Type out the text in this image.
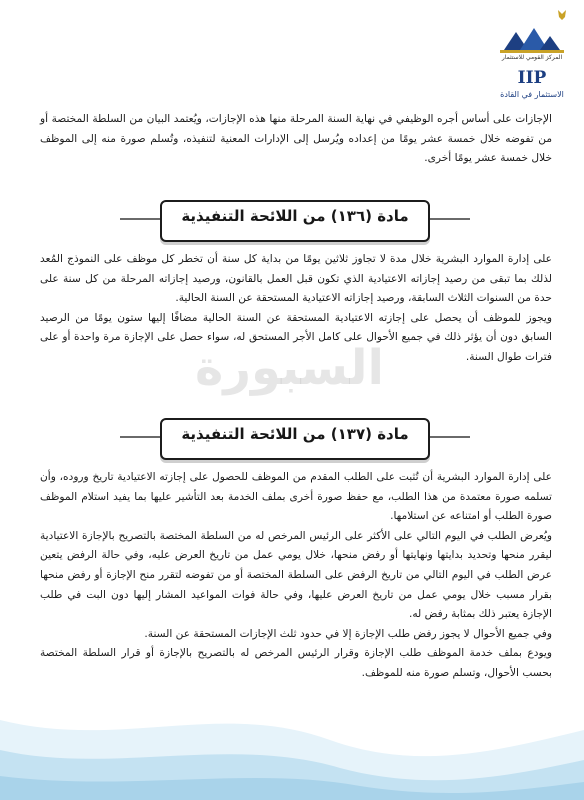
المركز القومي للاستثمار
IIP
الاستثمار في القادة

الإجازات على أساس أجره الوظيفي في نهاية السنة المرحلة منها هذه الإجازات، ويُعتمد البيان من السلطة المختصة أو من تفوضه خلال خمسة عشر يومًا من إعداده ويُرسل إلى الإدارات المعنية لتنفيذه، وتُسلم صورة منه إلى الموظف خلال خمسة عشر يومًا أخرى.

مادة (١٣٦) من اللائحة التنفيذية

على إدارة الموارد البشرية خلال مدة لا تجاوز ثلاثين يومًا من بداية كل سنة أن تخطر كل موظف على النموذج المُعد لذلك بما تبقى من رصيد إجازاته الاعتيادية الذي تكون قبل العمل بالقانون، ورصيد إجازاته المرحلة من كل سنة على حدة من السنوات الثلاث السابقة، ورصيد إجازاته الاعتيادية المستحقة عن السنة الحالية.

ويجوز للموظف أن يحصل على إجازته الاعتيادية المستحقة عن السنة الحالية مضافًا إليها ستون يومًا من الرصيد السابق دون أن يؤثر ذلك في جميع الأحوال على كامل الأجر المستحق له، سواء حصل على الإجازة مرة واحدة أو على فترات طوال السنة.

السبورة
مادة (١٣٧) من اللائحة التنفيذية

على إدارة الموارد البشرية أن تُثبت على الطلب المقدم من الموظف للحصول على إجازته الاعتيادية تاريخ وروده، وأن تسلمه صورة معتمدة من هذا الطلب، مع حفظ صورة أخرى بملف الخدمة بعد التأشير عليها بما يفيد استلام الموظف صورة الطلب أو امتناعه عن استلامها.

ويُعرض الطلب في اليوم التالي على الأكثر على الرئيس المرخص له من السلطة المختصة بالتصريح بالإجازة الاعتيادية ليقرر منحها وتحديد بدايتها ونهايتها أو رفض منحها، خلال يومي عمل من تاريخ العرض عليه، وفي حالة الرفض يتعين عرض الطلب في اليوم التالي من تاريخ الرفض على السلطة المختصة أو من تفوضه لتقرر منح الإجازة أو رفض منحها بقرار مسبب خلال يومي عمل من تاريخ العرض عليها، وفي حالة فوات المواعيد المشار إليها دون البت في طلب الإجازة يعتبر ذلك بمثابة رفض له.

وفي جميع الأحوال لا يجوز رفض طلب الإجازة إلا في حدود ثلث الإجازات المستحقة عن السنة.

ويودع بملف خدمة الموظف طلب الإجازة وقرار الرئيس المرخص له بالتصريح بالإجازة أو قرار السلطة المختصة بحسب الأحوال، وتسلم صورة منه للموظف.
